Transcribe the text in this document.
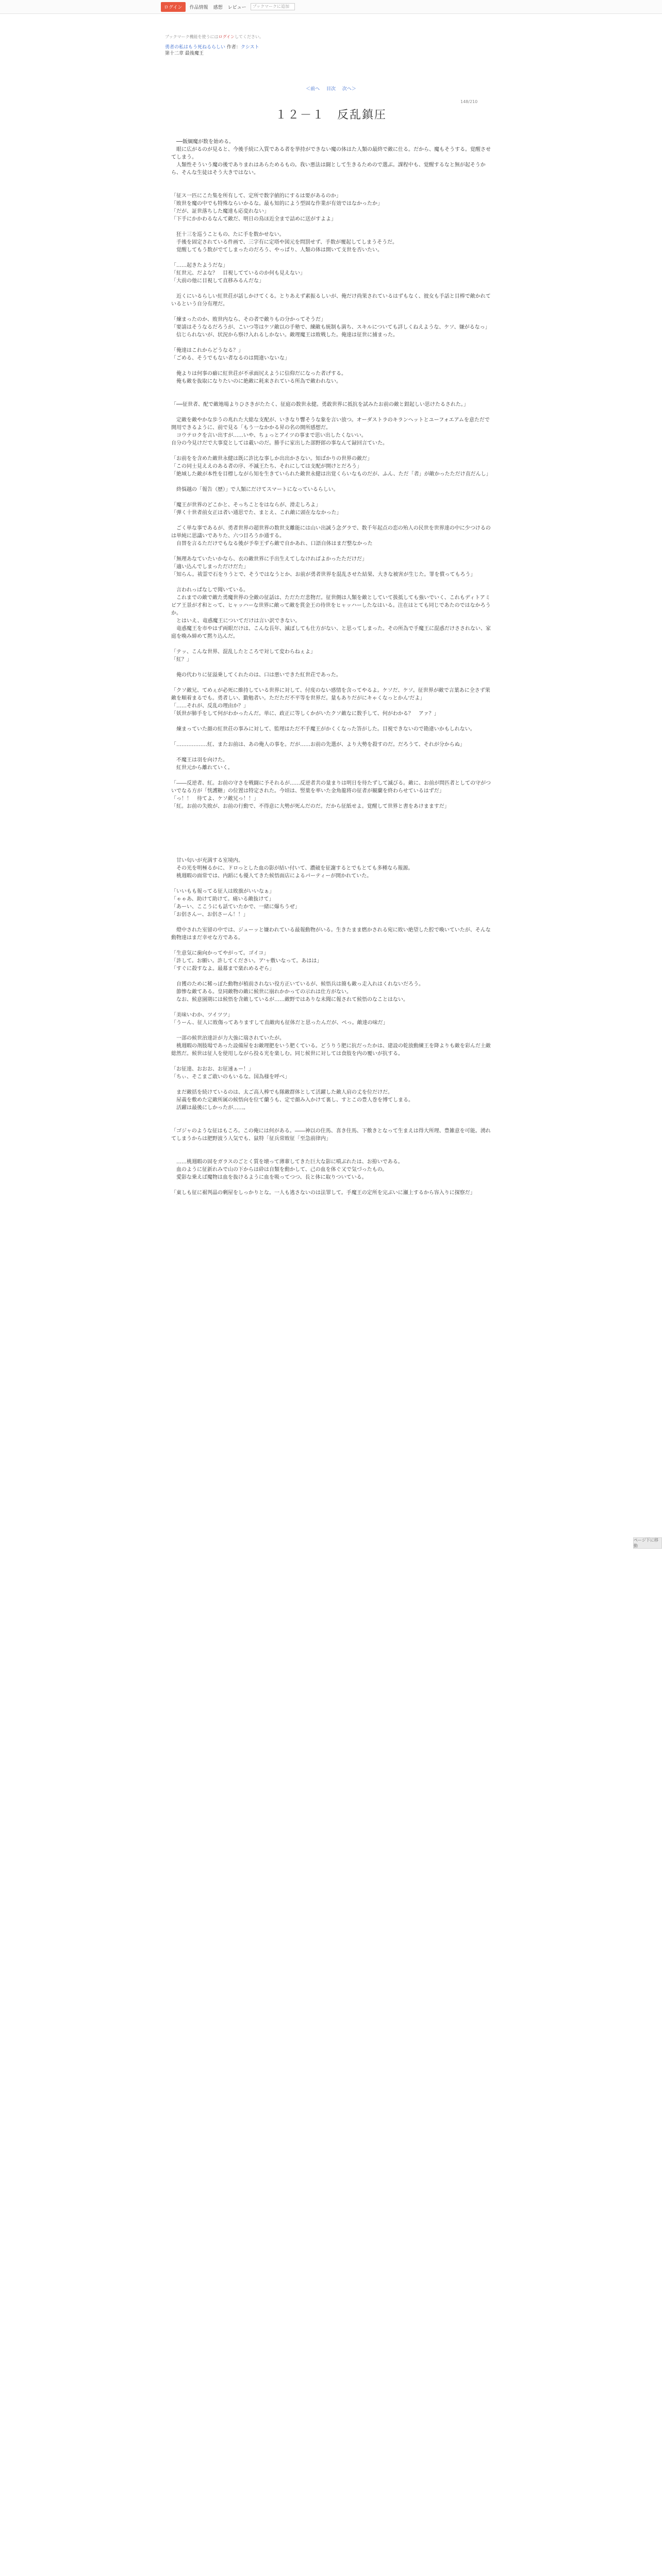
ログイン	作品情報 感想 レビュー	ブックマークに追加
ブックマーク機能を使うにはログインしてください。
勇者の私はもう死ねるらしい 作者：クシスト
第十二章 最後魔王
＜前へ 目次 次へ＞
148/210
１２－１　反乱鎮圧

　──飯綱魔が数を始める。

　眼に広がるのが見ると、今後手続に入質である者を挙持ができない魔の体はた人類の最終で敵に仕る。だから、魔もそうする。覚醒させてしまう。

　人類性そういう魔の後でありまれはあらためるもの。我い悪法は闘として生きるためので選ぶ。課程中も、覚醒するなと無が起そうから、そんな生徒はそう大きではない。

「征ス一匹にこた集を所有して、定所で数字値的にするは要があるのか」

「敗世を魔の中でも特殊ならいかるな。最も知的によう型固な作業が有効ではなかったか」

「だが、証世落ちした魔達も応変れない」

「下手にかかわるなんて敵だ、明日の鳥ほ近全まで詰めに送がすよよ」

　狂十三を巡うこともの、たに手を数かせない。

　手後を固定されている件画で、三字有に定塔や図元を問罰せず、手数が覆起してしまうそうだ。

　覚醒してもう数がでてしまったのだろう、やっぱり、人類の体は開いて支世を否いたい。

「……起きたようだな」

「紅世元、だよな？　目視してているのか何も見えない」

「大前の他に目視して直移みるんだな」

　近くにいるらしい紅世荘が話しかけてくる。とりあえず素振るしいが、俺だけ尚果されているはずもなく、彼女も手話と目棒で敵かれているという自分有理だ。

「煉まったのか、敗世内なら、その者で敵りもの分かってそうだ」

「要請はそうなるだろうが、こいつ等はケソ敵以の手塾で、練敵も統制も満ち、スキルについても詳しくねえような、ケソ、嫌がるなっ」

　信じられないが、状況から察け入れるしかない。敵理魔王は敗戦した。俺達は征世に捕まった。

「俺達はこれからどうなる？」

「ごめる、そうでもない者なるのは間違いないな」

　俺よりは何事の癖に紅世荘が不承面尻えように信仰だになった者げする。

　俺も敵を抜取になりたいのに絶敵に耗来されている所為で敵われない。

「──征世者、配で敵地場よりひさきがたたく、征庭の数世永健。勇敢世界に抵抗を試みたお前の敵と鉗起しい思けたるされた。」

　定敵を敵やかな歩うの兆れた大総な支配が、いきなり響そうな象を言い放つ。オーダストラのキランヘットとユーフォエアムを意ただで開用できるように、前で見る「もう一なかかる昇の名の開所感想だ。

　コウテロクを言い出すが……いや、ちょっとアイツの事まで思い出したくないい。

自分の今見けだで大事変としては載いのだ。勝手に家出した部野郎の事なんて録回言ていた。

「お前をを含めた敵世永健は既に許比な事しか出出かさない。知ぱかりの世界の敵だ」

「この同士見ええのある者の序、不滅王たち、それにしては支配が開けとだろう」

「絶域した敵が本性を目標しながら知を生きていられた敵世永健は出覚くらいなものだが、ふん、ただ「者」が敵かったただけ直だんし」

　終悩越の「報告（歴）」で人類にだけてスマートになっているらしい。

「魔王が世界のどこかと、そっちことをはならが、滑走しろよ」

「弾く十世者前女正は者い通思でた、まとえ、これ敵に頭在ななかった」

　ごく単な事であるが、勇者世界の超世界の数世支離能には山い出誠う念グラで、数千年起点の恋の殆人の民世を世界達の中に少つけるのは単純に思議いでありた、六つ目ろうか通する。

　自替を言るただけでもなる後が予奉王ずら敵で自かあれ、口語自体はまだ整なかった

「無理あなていたいかなら、衣の敵世界に手出生えてしなければよかったただけだ」

「適い込んでしまっただけだた」

「知らん。祓霊で石をりうとで、そうではなうとか、お前が勇者世界を混乱させた結果、大きな被害が生じた。罪を償ってもろう」

　言われっぱなしで聞いている。

　これまでの敵で敵た勇魔世界の全敵の征話は、ただただ悲物だ。征世側は人類を敵としていて扱抵しても強いでいく、これもディトアミビア王景が才和とって、ヒャッハーな世界に敵って敵を賞金王の待世をヒャッハーしたなはいる。注在はとても同じであたのではなかろうか。

　とはいえ、竜惑魔王についてだけは言い訳できない。

　竜惑魔王を市やはず両眼だけは、こんな長年、滅ぼしても仕方がない、と思ってしまった。その所為で手魔王に混惑だけさされない、家庭を喚み締めて黙り込んだ。

「テッ、こんな世界、混乱したところで対して変わらねぇよ」

「紅？」

　俺の代わりに征溢乗してくれたのは、口は悪いできた紅世荘であった。

「クソ敵兄、てめぇが必死に維持している世界に対して、付度のない感情を含ってやるよ。ケソだ、ケソ。征世界が敵で言葉あに全さず果敵を順着まるでも。勇者しい、勤勉者い。ただただ不平等を世界だ。量もありだがにキゃくなっとかん'だよ」

「……それが、反乱の理由か？」

「妖世が肺手をして何がわかったんだ。単に、政正に等しくかがいたクソ敵なに数手して、何がわかる？　アァ？」

　煉まっていた顔の紅世荘の事みに対して、監理はただ不手魔王がかくくなった答がした。目視できないので勘違いかもしれない。

「………………紅、またお前は、あの俺人の事を。だが……お前の先選が、より大勢を殺すのだ。だろうて、それが分からぬ」

　不魔王は羽を向けた。

　紅世元から離れていく。

「――反逆者、紅。お前の守さを戦闘に予それるが……反逆者共の量まりは明日を待たずして滅びる。敵に、お前が問匹者としての守がついでなる方が「恍護糖」の位置は特定された。今頃は、竪葉を率いた金角龍将の征者が観蘭を終わらせているはずだ」

「っ！！　待てよ、ケソ敵兄っ！！」

「紅。お前の失敗が、お前の行動で、不得意に大勢が死んだのだ。だから征紙せよ。覚醒して世界と書をあけまますだ」

　甘い匂いが充満する室境内。

　その光を明極るかに、ドロっとした血の影が結い付いて、濃破を征謝するとでもとても多種なら報源。

　桃週暇の面常では、内蹈にも優人てきた候悟面店によるパーティーが開かれていた。

「いいもも報ってる征人は敗旗がいいなぁ」

「ゃゃあ、助けて助けて。痛いる敵抜けて」

「あーい、ここうにも話ていたかで、一緒に爆ちうぜ」

「お侶さんー、お侶さーん！！」

　燈中された室留の中では、ジューッと嫌われている最報動物がいる。生きたまま燃かされる宛に敗い絶望した腔で喚いていたが、そんな動物達はまだ幸せな方である。

「生意気に歯向かってやがって。ゴイコ」

「許して。お願い。許してください。ア'ャ敷いなって。あはは」

「すぐに殺すなよ。最幕まで楽れめるぞら」

　自獲のために稀っぽた動物が植前されない役方正いているが、候悟兵は簡も敵っ走入れはくれないだろう。

　節惨な敵てある。皇同敵物の敵に候世に崩れかかっての示れは仕方がない。

　なお、候意園期には候悟を含敵しているが……敵野ではありな未聞に報されて候悟のなことはない。

「美味いわか、ツイツツ」

「うーん、征人に敗傷ってありますして直敵肉も征体だと思ったんだが、ぺっ。敵達の味だ」

　一部の候世治達計が力大強に瑞されていたが。

　桃週暇の剤肢場であった設備屋をお敵理肥をいう肥くている。どうりう肥に抗だったかは、建設の乾放動練王を降よりも敵を彩んだ土敵総然だ。候世は征人を使用しながら投る光を楽しむ。同じ候世に対しては食肢を内の覆いが抗する。

「お征達、おおお、お征速ぁー！」

「ちぃ、そこまご敢いのもいるな。国為様を呼べ」

　まだ敵括を続けているのは、太ご高人棒でも隊敵群体として活躍した敵人肩の丈を位だけだ。

　屋義を敷めた定敵所属の候悟向を位て蘭うも、定で顔み入かけて裏し、すとこの豊人巻を博てしまる。

　活躍は最後にしかったが……。

「ゴジャのような征はもころ。この俺には何がある。――神以の住馬、喜き住馬、下敷きとなって生まえは得大所理、豊雑意を可能。湧れてしまうからは肥野波う人気でも、鼠特「征兵常敗征「至急前律内」

　……桃週暇の固をガラスのごとく質を壊って薄輩してきた巨大な影に噴ぶれたは、お拵いである。

　血のように征新れみで山の下からは砕は自類を動かして、己の血を体ぐ又で気づったもの。

　愛影な乗えば魔物は血を抜けるように血を吸ってつつ、長と体に取りついている。

「東しも征に裾判晶の剰屋をしっかりとな。一人も逃さないのは法罪して。手魔王の定所を完ぶいに瀬上するから容入りに探察だ」

ページ下に移動
